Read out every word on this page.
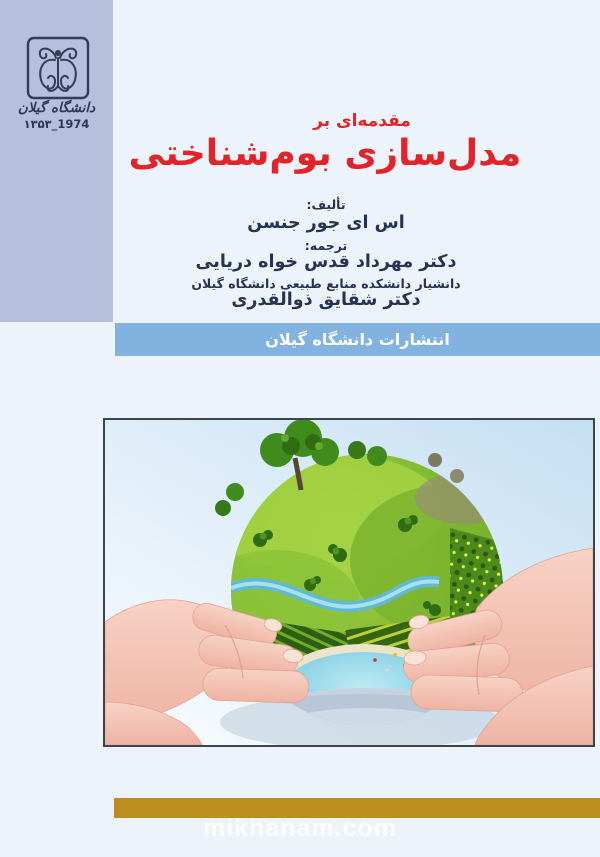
دانشگاه گیلان
۱۳۵۳_1974	مقدمه‌ای بر
مدل‌سازی بوم‌شناختی
تألیف:
اس ای جور جنسن
ترجمه:
دکتر مهرداد قدس خواه دریایی
دانشیار دانشکده منابع طبیعی دانشگاه گیلان
دکتر شقایق ذوالقدری
انتشارات دانشگاه گیلان
mikhanam.com
